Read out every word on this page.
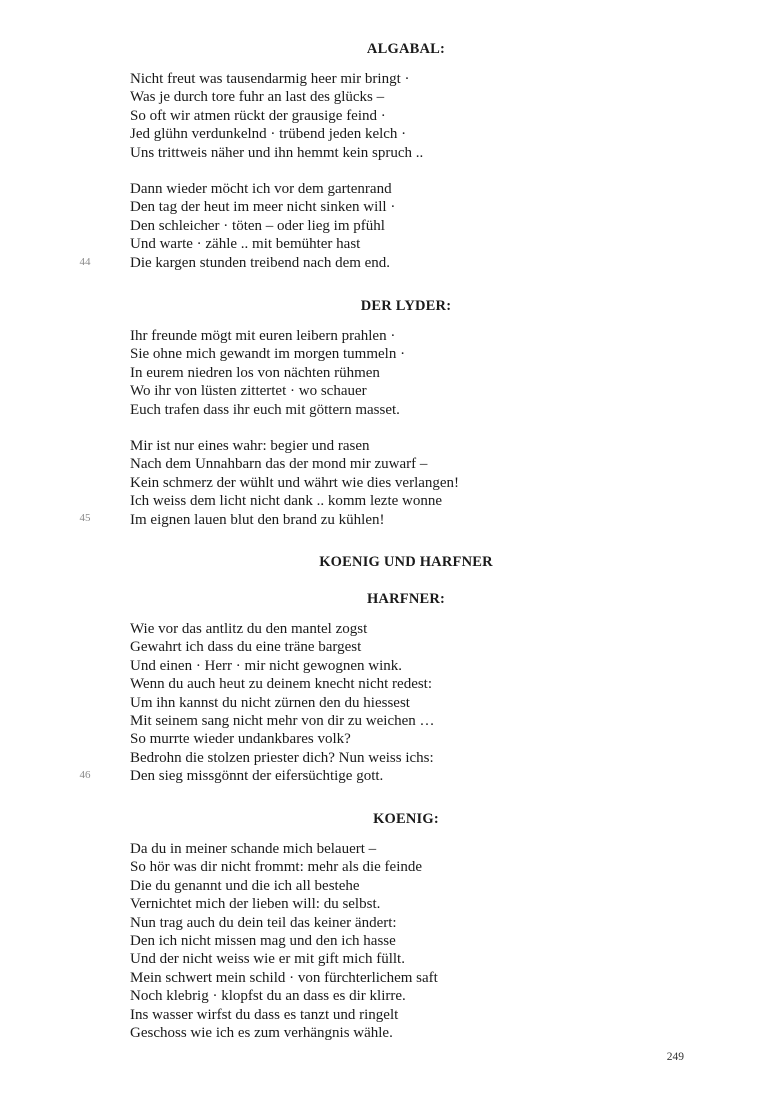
ALGABAL:
DER LYDER:
KOENIG UND HARFNER
HARFNER:
KOENIG:
Nicht freut was tausendarmig heer mir bringt ·
Was je durch tore fuhr an last des glücks –
So oft wir atmen rückt der grausige feind ·
Jed glühn verdunkelnd · trübend jeden kelch ·
Uns trittweis näher und ihn hemmt kein spruch ..
Dann wieder möcht ich vor dem gartenrand
Den tag der heut im meer nicht sinken will ·
Den schleicher · töten – oder lieg im pfühl
Und warte · zähle .. mit bemühter hast
Die kargen stunden treibend nach dem end.
Ihr freunde mögt mit euren leibern prahlen ·
Sie ohne mich gewandt im morgen tummeln ·
In eurem niedren los von nächten rühmen
Wo ihr von lüsten zittertet · wo schauer
Euch trafen dass ihr euch mit göttern masset.
Mir ist nur eines wahr: begier und rasen
Nach dem Unnahbarn das der mond mir zuwarf –
Kein schmerz der wühlt und währt wie dies verlangen!
Ich weiss dem licht nicht dank .. komm lezte wonne
Im eignen lauen blut den brand zu kühlen!
Wie vor das antlitz du den mantel zogst
Gewahrt ich dass du eine träne bargest
Und einen · Herr · mir nicht gewognen wink.
Wenn du auch heut zu deinem knecht nicht redest:
Um ihn kannst du nicht zürnen den du hiessest
Mit seinem sang nicht mehr von dir zu weichen …
So murrte wieder undankbares volk?
Bedrohn die stolzen priester dich? Nun weiss ichs:
Den sieg missgönnt der eifersüchtige gott.
Da du in meiner schande mich belauert –
So hör was dir nicht frommt: mehr als die feinde
Die du genannt und die ich all bestehe
Vernichtet mich der lieben will: du selbst.
Nun trag auch du dein teil das keiner ändert:
Den ich nicht missen mag und den ich hasse
Und der nicht weiss wie er mit gift mich füllt.
Mein schwert mein schild · von fürchterlichem saft
Noch klebrig · klopfst du an dass es dir klirre.
Ins wasser wirfst du dass es tanzt und ringelt
Geschoss wie ich es zum verhängnis wähle.
44
45
46
249
